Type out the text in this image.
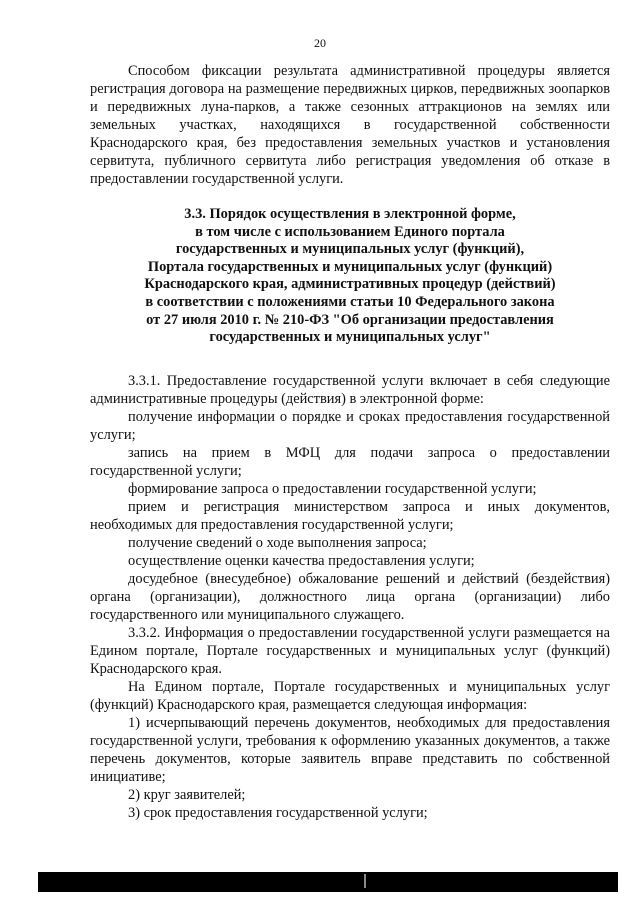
20

Способом фиксации результата административной процедуры является регистрация договора на размещение передвижных цирков, передвижных зоопарков и передвижных луна-парков, а также сезонных аттракционов на землях или земельных участках, находящихся в государственной собственности Краснодарского края, без предоставления земельных участков и установления сервитута, публичного сервитута либо регистрация уведомления об отказе в предоставлении государственной услуги.

3.3. Порядок осуществления в электронной форме,
в том числе с использованием Единого портала
государственных и муниципальных услуг (функций),
Портала государственных и муниципальных услуг (функций)
Краснодарского края, административных процедур (действий)
в соответствии с положениями статьи 10 Федерального закона
от 27 июля 2010 г. № 210-ФЗ "Об организации предоставления
государственных и муниципальных услуг"

3.3.1. Предоставление государственной услуги включает в себя следующие административные процедуры (действия) в электронной форме:

получение информации о порядке и сроках предоставления государственной услуги;

запись на прием в МФЦ для подачи запроса о предоставлении государственной услуги;

формирование запроса о предоставлении государственной услуги;

прием и регистрация министерством запроса и иных документов, необходимых для предоставления государственной услуги;

получение сведений о ходе выполнения запроса;

осуществление оценки качества предоставления услуги;

досудебное (внесудебное) обжалование решений и действий (бездействия) органа (организации), должностного лица органа (организации) либо государственного или муниципального служащего.

3.3.2. Информация о предоставлении государственной услуги размещается на Едином портале, Портале государственных и муниципальных услуг (функций) Краснодарского края.

На Едином портале, Портале государственных и муниципальных услуг (функций) Краснодарского края, размещается следующая информация:

1) исчерпывающий перечень документов, необходимых для предоставления государственной услуги, требования к оформлению указанных документов, а также перечень документов, которые заявитель вправе представить по собственной инициативе;

2) круг заявителей;

3) срок предоставления государственной услуги;
